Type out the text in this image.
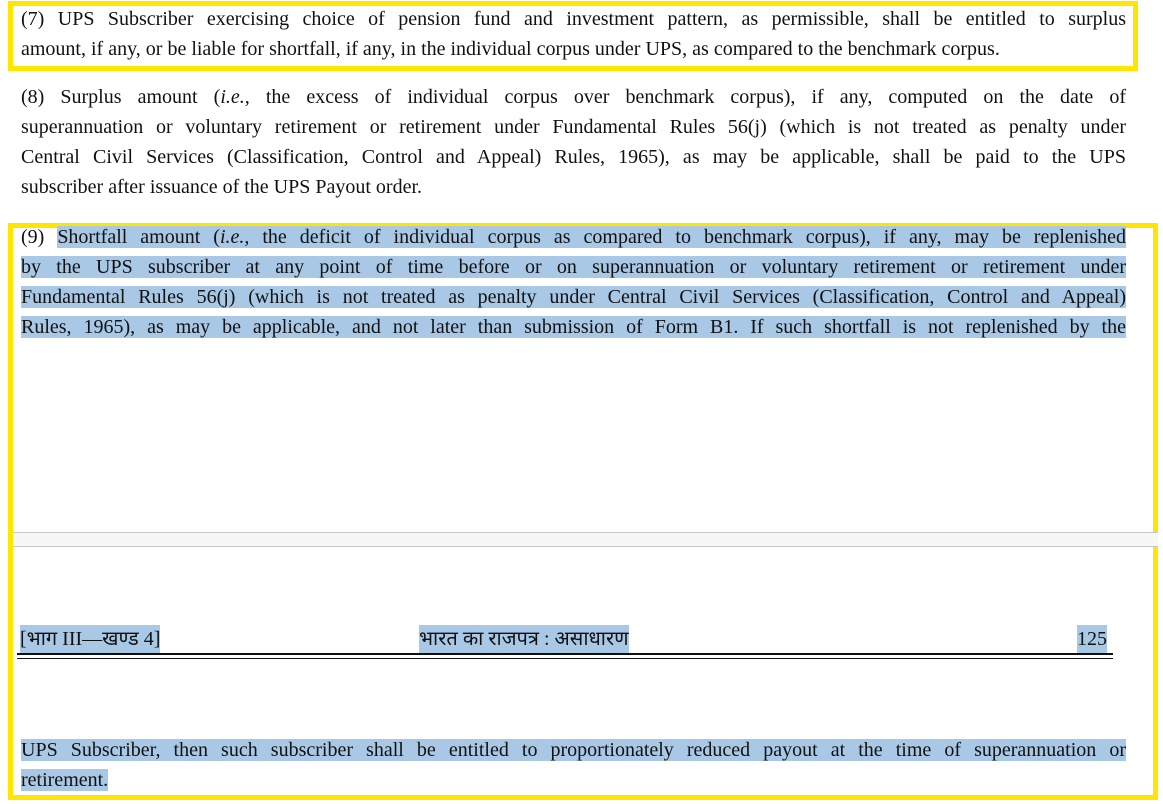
(7) UPS Subscriber exercising choice of pension fund and investment pattern, as permissible, shall be entitled to surplus
amount, if any, or be liable for shortfall, if any, in the individual corpus under UPS, as compared to the benchmark corpus.
(8) Surplus amount (i.e., the excess of individual corpus over benchmark corpus), if any, computed on the date of
superannuation or voluntary retirement or retirement under Fundamental Rules 56(j) (which is not treated as penalty under
Central Civil Services (Classification, Control and Appeal) Rules, 1965), as may be applicable, shall be paid to the UPS
subscriber after issuance of the UPS Payout order.
(9) Shortfall amount (i.e., the deficit of individual corpus as compared to benchmark corpus), if any, may be replenished
by the UPS subscriber at any point of time before or on superannuation or voluntary retirement or retirement under
Fundamental Rules 56(j) (which is not treated as penalty under Central Civil Services (Classification, Control and Appeal)
Rules, 1965), as may be applicable, and not later than submission of Form B1. If such shortfall is not replenished by the
[भाग III—खण्ड 4]	भारत का राजपत्र : असाधारण	125
UPS Subscriber, then such subscriber shall be entitled to proportionately reduced payout at the time of superannuation or
retirement.
